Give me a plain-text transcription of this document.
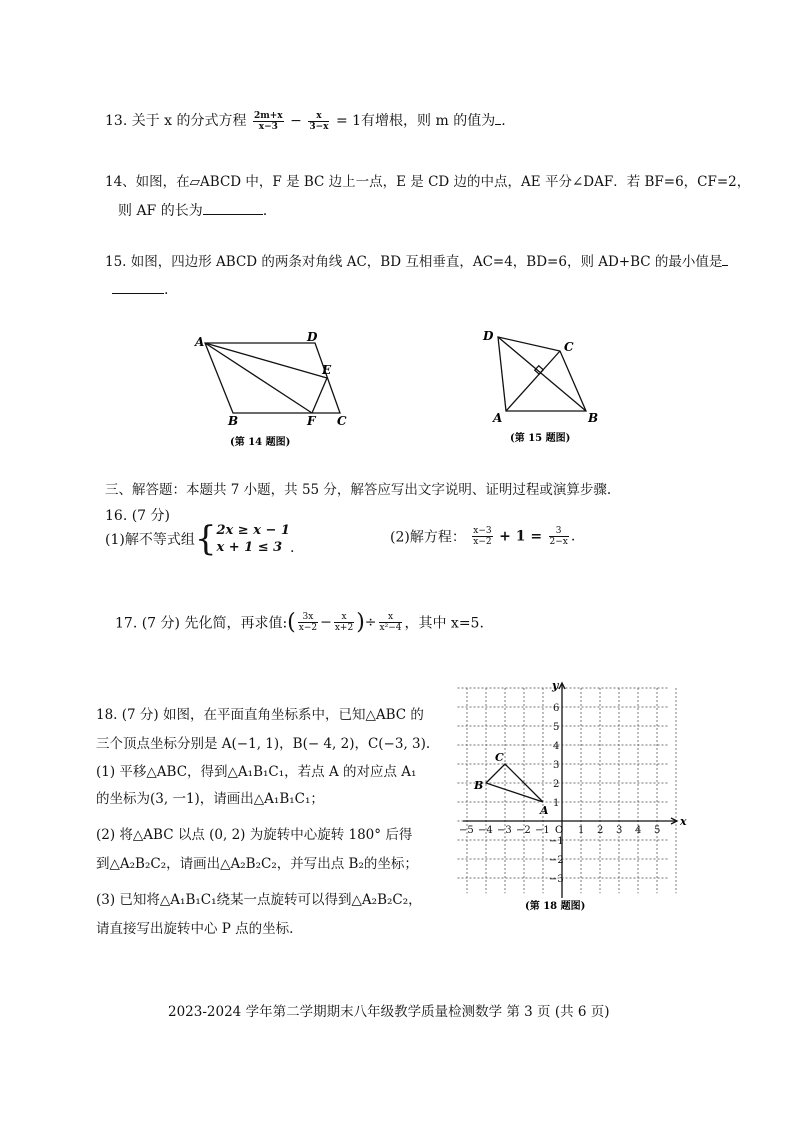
13. 关于 x 的分式方程 $\frac{2m+x}{x-3} - \frac{x}{3-x} = 1$有增根，则 m 的值为 .
14、如图，在▱ABCD 中，F 是 BC 边上一点，E 是 CD 边的中点，AE 平分∠DAF．若 BF=6，CF=2，
则 AF 的长为	.
15. 如图，四边形 ABCD 的两条对角线 AC，BD 互相垂直，AC=4，BD=6，则 AD+BC 的最小值是
.
A	D
E
B	F C
(第 14 题图)
D
C
A	B
(第 15 题图)
三、解答题：本题共 7 小题，共 55 分，解答应写出文字说明、证明过程或演算步骤.
16. (7 分)
(1)解不等式组{ 2x ≥ x − 1
x + 1 ≤ 3 .
(2)解方程： $\frac{x-3}{x-2} + 1 = \frac{3}{2-x}$ .
17. (7 分) 先化简，再求值:( $\frac{3x}{x-2} - \frac{x}{x+2}$ )÷ $\frac{x}{\text{x²−4}}$ ，其中 x=5.
18. (7 分) 如图，在平面直角坐标系中，已知△ABC 的
三个顶点坐标分别是 A(−1, 1)，B(− 4, 2)，C(−3, 3).
(1) 平移△ABC，得到△A₁B₁C₁，若点 A 的对应点 A₁
的坐标为(3, 一1)，请画出△A₁B₁C₁；
(2) 将△ABC 以点 (0, 2) 为旋转中心旋转 180° 后得
到△A₂B₂C₂，请画出△A₂B₂C₂，并写出点 B₂的坐标；
(3) 已知将△A₁B₁C₁绕某一点旋转可以得到△A₂B₂C₂，
请直接写出旋转中心 P 点的坐标.
−5 −4 −3 −2 −1	1 2 3 4 5
6
5
4
3
2
1
−1
−2
−3
x
y
O
A
B
C
(第 18 题图)
2023-2024 学年第二学期期末八年级教学质量检测数学 第 3 页 (共 6 页)
